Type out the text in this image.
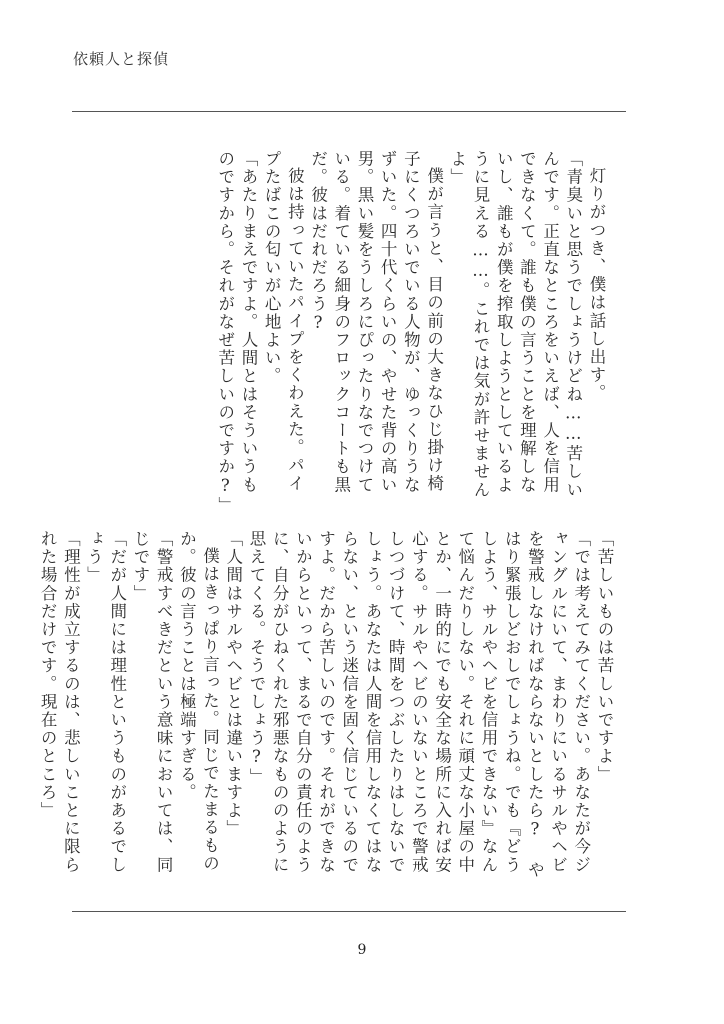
依頼人と探偵

灯りがつき、僕は話し出す。

「青臭いと思うでしょうけどね……苦しいんです。正直なところをいえば、人を信用できなくて。誰も僕の言うことを理解しないし、誰もが僕を搾取しようとしているように見える……。これでは気が許せませんよ」

僕が言うと、目の前の大きなひじ掛け椅子にくつろいでいる人物が、ゆっくりうなずいた。四十代くらいの、やせた背の高い男。黒い髪をうしろにぴったりなでつけている。着ている細身のフロックコートも黒だ。彼はだれだろう?

彼は持っていたパイプをくわえた。パイプたばこの匂いが心地よい。

「あたりまえですよ。人間とはそういうものですから。それがなぜ苦しいのですか?」

「苦しいものは苦しいですよ」

「では考えてみてください。あなたが今ジャングルにいて、まわりにいるサルやヘビを警戒しなければならないとしたら? やはり緊張しどおしでしょうね。でも『どうしよう、サルやヘビを信用できない』なんて悩んだりしない。それに頑丈な小屋の中とか、一時的にでも安全な場所に入れば安心する。サルやヘビのいないところで警戒しつづけて、時間をつぶしたりはしないでしょう。あなたは人間を信用しなくてはならない、という迷信を固く信じているのですよ。だから苦しいのです。それができないからといって、まるで自分の責任のように、自分がひねくれた邪悪なもののように思えてくる。そうでしょう?」

「人間はサルやヘビとは違いますよ」

僕はきっぱり言った。同じでたまるものか。彼の言うことは極端すぎる。

「警戒すべきだという意味においては、同じです」

「だが人間には理性というものがあるでしょう」

「理性が成立するのは、悲しいことに限られた場合だけです。現在のところ」

9
